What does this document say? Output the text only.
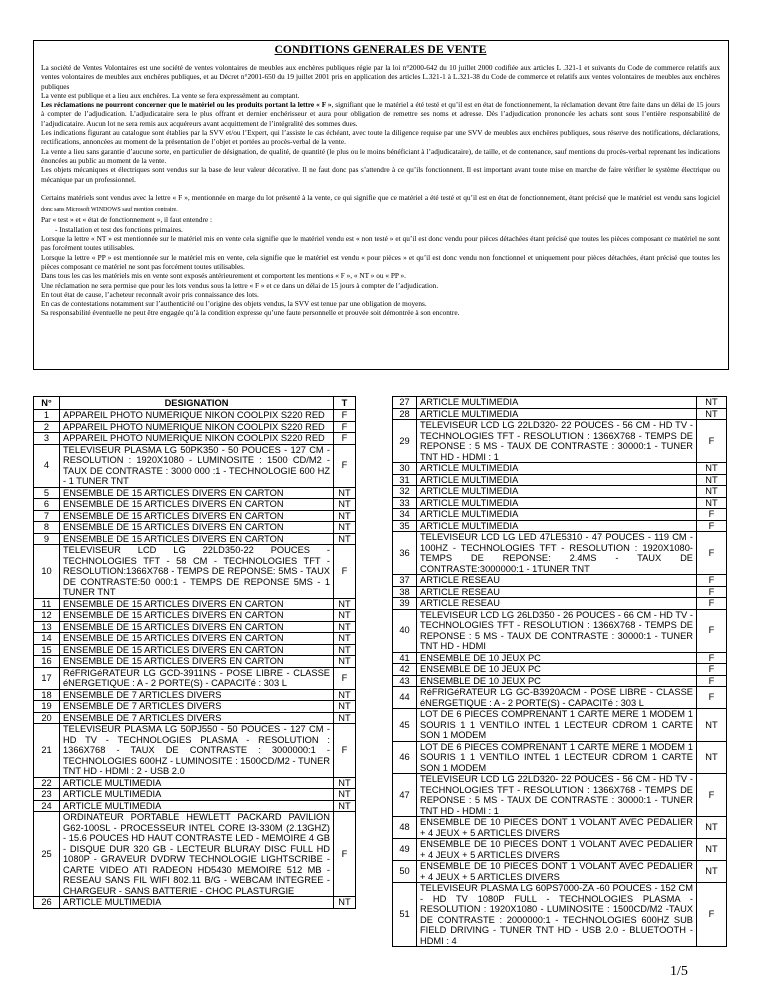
CONDITIONS GENERALES DE VENTE

La société de Ventes Volontaires est une société de ventes volontaires de meubles aux enchères publiques régie par la loi n°2000-642 du 10 juillet 2000 codifiée aux articles L .321-1 et suivants du Code de commerce relatifs aux ventes volontaires de meubles aux enchères publiques, et au Décret n°2001-650 du 19 juillet 2001 pris en application des articles L.321-1 à L.321-38 du Code de commerce et relatifs aux ventes volontaires de meubles aux enchères publiques

La vente est publique et a lieu aux enchères. La vente se fera expressément au comptant.

Les réclamations ne pourront concerner que le matériel ou les produits portant la lettre « F », signifiant que le matériel a été testé et qu’il est en état de fonctionnement, la réclamation devant être faite dans un délai de 15 jours à compter de l’adjudication. L’adjudicataire sera le plus offrant et dernier enchérisseur et aura pour obligation de remettre ses noms et adresse. Dès l’adjudication prononcée les achats sont sous l’entière responsabilité de l’adjudicataire. Aucun lot ne sera remis aux acquéreurs avant acquittement de l’intégralité des sommes dues.

Les indications figurant au catalogue sont établies par la SVV et/ou l’Expert, qui l’assiste le cas échéant, avec toute la diligence requise par une SVV de meubles aux enchères publiques, sous réserve des notifications, déclarations, rectifications, annoncées au moment de la présentation de l’objet et portées au procès-verbal de la vente.

La vente a lieu sans garantie d’aucune sorte, en particulier de désignation, de qualité, de quantité (le plus ou le moins bénéficiant à l’adjudicataire), de taille, et de contenance, sauf mentions du procès-verbal reprenant les indications énoncées au public au moment de la vente.

Les objets mécaniques et électriques sont vendus sur la base de leur valeur décorative. Il ne faut donc pas s’attendre à ce qu’ils fonctionnent. Il est important avant toute mise en marche de faire vérifier le système électrique ou mécanique par un professionnel.

Certains matériels sont vendus avec la lettre « F », mentionnée en marge du lot présenté à la vente, ce qui signifie que ce matériel a été testé et qu’il est en état de fonctionnement, étant précisé que le matériel est vendu sans logiciel donc sans Microsoft WINDOWS sauf mention contraire.

Par « test » et « état de fonctionnement », il faut entendre :

- Installation et test des fonctions primaires.

Lorsque la lettre « NT » est mentionnée sur le matériel mis en vente cela signifie que le matériel vendu est « non testé » et qu’il est donc vendu pour pièces détachées étant précisé que toutes les pièces composant ce matériel ne sont pas forcément toutes utilisables.

Lorsque la lettre « PP » est mentionnée sur le matériel mis en vente, cela signifie que le matériel est vendu « pour pièces » et qu’il est donc vendu non fonctionnel et uniquement pour pièces détachées, étant précisé que toutes les pièces composant ce matériel ne sont pas forcément toutes utilisables.

Dans tous les cas les matériels mis en vente sont exposés antérieurement et comportent les mentions « F », « NT » ou « PP ».

Une réclamation ne sera permise que pour les lots vendus sous la lettre « F » et ce dans un délai de 15 jours à compter de l’adjudication.

En tout état de cause, l’acheteur reconnaît avoir pris connaissance des lots.

En cas de contestations notamment sur l’authenticité ou l’origine des objets vendus, la SVV est tenue par une obligation de moyens.

Sa responsabilité éventuelle ne peut être engagée qu’à la condition expresse qu’une faute personnelle et prouvée soit démontrée à son encontre.

N°	DESIGNATION	T
1	APPAREIL PHOTO NUMERIQUE NIKON COOLPIX S220 RED	F
2	APPAREIL PHOTO NUMERIQUE NIKON COOLPIX S220 RED	F
3	APPAREIL PHOTO NUMERIQUE NIKON COOLPIX S220 RED	F
4	TELEVISEUR PLASMA LG 50PK350 - 50 POUCES - 127 CM - RESOLUTION : 1920X1080 - LUMINOSITE : 1500 CD/M2 - TAUX DE CONTRASTE : 3000 000 :1 - TECHNOLOGIE 600 HZ - 1 TUNER TNT	F
5	ENSEMBLE DE 15 ARTICLES DIVERS EN CARTON	NT
6	ENSEMBLE DE 15 ARTICLES DIVERS EN CARTON	NT
7	ENSEMBLE DE 15 ARTICLES DIVERS EN CARTON	NT
8	ENSEMBLE DE 15 ARTICLES DIVERS EN CARTON	NT
9	ENSEMBLE DE 15 ARTICLES DIVERS EN CARTON	NT
10	TELEVISEUR LCD LG 22LD350-22 POUCES - TECHNOLOGIES TFT - 58 CM - TECHNOLOGIES TFT - RESOLUTION:1366X768 - TEMPS DE REPONSE: 5MS - TAUX DE CONTRASTE:50 000:1 - TEMPS DE REPONSE 5MS - 1 TUNER TNT	F
11	ENSEMBLE DE 15 ARTICLES DIVERS EN CARTON	NT
12	ENSEMBLE DE 15 ARTICLES DIVERS EN CARTON	NT
13	ENSEMBLE DE 15 ARTICLES DIVERS EN CARTON	NT
14	ENSEMBLE DE 15 ARTICLES DIVERS EN CARTON	NT
15	ENSEMBLE DE 15 ARTICLES DIVERS EN CARTON	NT
16	ENSEMBLE DE 15 ARTICLES DIVERS EN CARTON	NT
17	RéFRIGéRATEUR LG GCD-3911NS - POSE LIBRE - CLASSE éNERGETIQUE : A - 2 PORTE(S) - CAPACITé : 303 L	F
18	ENSEMBLE DE 7 ARTICLES DIVERS	NT
19	ENSEMBLE DE 7 ARTICLES DIVERS	NT
20	ENSEMBLE DE 7 ARTICLES DIVERS	NT
21	TELEVISEUR PLASMA LG 50PJ550 - 50 POUCES - 127 CM - HD TV - TECHNOLOGIES PLASMA - RESOLUTION : 1366X768 - TAUX DE CONTRASTE : 3000000:1 - TECHNOLOGIES 600HZ - LUMINOSITE : 1500CD/M2 - TUNER TNT HD - HDMI : 2 - USB 2.0	F
22	ARTICLE MULTIMEDIA	NT
23	ARTICLE MULTIMEDIA	NT
24	ARTICLE MULTIMEDIA	NT
25	ORDINATEUR PORTABLE HEWLETT PACKARD PAVILION G62-100SL - PROCESSEUR INTEL CORE I3-330M (2.13GHZ) - 15.6 POUCES HD HAUT CONTRASTE LED - MEMOIRE 4 GB - DISQUE DUR 320 GB - LECTEUR BLURAY DISC FULL HD 1080P - GRAVEUR DVDRW TECHNOLOGIE LIGHTSCRIBE - CARTE VIDEO ATI RADEON HD5430 MEMOIRE 512 MB - RESEAU SANS FIL WIFI 802.11 B/G - WEBCAM INTEGREE - CHARGEUR - SANS BATTERIE - CHOC PLASTURGIE	F
26	ARTICLE MULTIMEDIA	NT
27	ARTICLE MULTIMEDIA	NT
28	ARTICLE MULTIMEDIA	NT
29	TELEVISEUR LCD LG 22LD320- 22 POUCES - 56 CM - HD TV - TECHNOLOGIES TFT - RESOLUTION : 1366X768 - TEMPS DE REPONSE : 5 MS - TAUX DE CONTRASTE : 30000:1 - TUNER TNT HD - HDMI : 1	F
30	ARTICLE MULTIMEDIA	NT
31	ARTICLE MULTIMEDIA	NT
32	ARTICLE MULTIMEDIA	NT
33	ARTICLE MULTIMEDIA	NT
34	ARTICLE MULTIMEDIA	F
35	ARTICLE MULTIMEDIA	F
36	TELEVISEUR LCD LG LED 47LE5310 - 47 POUCES - 119 CM - 100HZ - TECHNOLOGIES TFT - RESOLUTION : 1920X1080- TEMPS DE REPONSE: 2.4MS - TAUX DE CONTRASTE:3000000:1 - 1TUNER TNT	F
37	ARTICLE RESEAU	F
38	ARTICLE RESEAU	F
39	ARTICLE RESEAU	F
40	TELEVISEUR LCD LG 26LD350 - 26 POUCES - 66 CM - HD TV - TECHNOLOGIES TFT - RESOLUTION : 1366X768 - TEMPS DE REPONSE : 5 MS - TAUX DE CONTRASTE : 30000:1 - TUNER TNT HD - HDMI	F
41	ENSEMBLE DE 10 JEUX PC	F
42	ENSEMBLE DE 10 JEUX PC	F
43	ENSEMBLE DE 10 JEUX PC	F
44	RéFRIGéRATEUR LG GC-B3920ACM - POSE LIBRE - CLASSE éNERGETIQUE : A - 2 PORTE(S) - CAPACITé : 303 L	F
45	LOT DE 6 PIECES COMPRENANT 1 CARTE MERE 1 MODEM 1 SOURIS 1 1 VENTILO INTEL 1 LECTEUR CDROM 1 CARTE SON 1 MODEM	NT
46	LOT DE 6 PIECES COMPRENANT 1 CARTE MERE 1 MODEM 1 SOURIS 1 1 VENTILO INTEL 1 LECTEUR CDROM 1 CARTE SON 1 MODEM	NT
47	TELEVISEUR LCD LG 22LD320- 22 POUCES - 56 CM - HD TV - TECHNOLOGIES TFT - RESOLUTION : 1366X768 - TEMPS DE REPONSE : 5 MS - TAUX DE CONTRASTE : 30000:1 - TUNER TNT HD - HDMI : 1	F
48	ENSEMBLE DE 10 PIECES DONT 1 VOLANT AVEC PEDALIER + 4 JEUX + 5 ARTICLES DIVERS	NT
49	ENSEMBLE DE 10 PIECES DONT 1 VOLANT AVEC PEDALIER + 4 JEUX + 5 ARTICLES DIVERS	NT
50	ENSEMBLE DE 10 PIECES DONT 1 VOLANT AVEC PEDALIER + 4 JEUX + 5 ARTICLES DIVERS	NT
51	TELEVISEUR PLASMA LG 60PS7000-ZA -60 POUCES - 152 CM - HD TV 1080P FULL - TECHNOLOGIES PLASMA - RESOLUTION : 1920X1080 - LUMINOSITE : 1500CD/M2 -TAUX DE CONTRASTE : 2000000:1 - TECHNOLOGIES 600HZ SUB FIELD DRIVING - TUNER TNT HD - USB 2.0 - BLUETOOTH - HDMI : 4	F
1/5
